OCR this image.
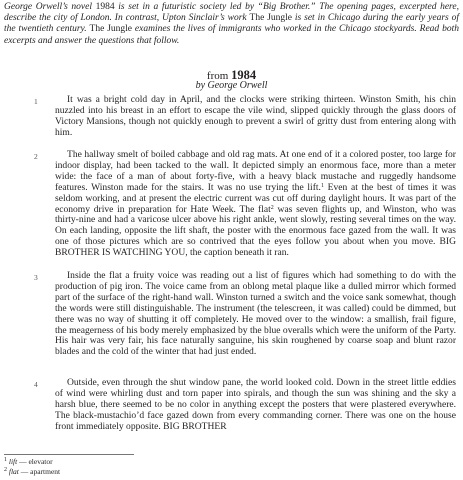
George Orwell’s novel 1984 is set in a futuristic society led by “Big Brother.” The opening pages, excerpted here, describe the city of London. In contrast, Upton Sinclair’s work The Jungle is set in Chicago during the early years of the twentieth century. The Jungle examines the lives of immigrants who worked in the Chicago stockyards. Read both excerpts and answer the questions that follow.
from 1984
by George Orwell
1	It was a bright cold day in April, and the clocks were striking thirteen. Winston Smith, his chin nuzzled into his breast in an effort to escape the vile wind, slipped quickly through the glass doors of Victory Mansions, though not quickly enough to prevent a swirl of gritty dust from entering along with him.
2	The hallway smelt of boiled cabbage and old rag mats. At one end of it a colored poster, too large for indoor display, had been tacked to the wall. It depicted simply an enormous face, more than a meter wide: the face of a man of about forty-five, with a heavy black mustache and ruggedly handsome features. Winston made for the stairs. It was no use trying the lift.$^1$ Even at the best of times it was seldom working, and at present the electric current was cut off during daylight hours. It was part of the economy drive in preparation for Hate Week. The flat$^2$ was seven flights up, and Winston, who was thirty-nine and had a varicose ulcer above his right ankle, went slowly, resting several times on the way. On each landing, opposite the lift shaft, the poster with the enormous face gazed from the wall. It was one of those pictures which are so contrived that the eyes follow you about when you move. BIG BROTHER IS WATCHING YOU, the caption beneath it ran.
3	Inside the flat a fruity voice was reading out a list of figures which had something to do with the production of pig iron. The voice came from an oblong metal plaque like a dulled mirror which formed part of the surface of the right-hand wall. Winston turned a switch and the voice sank somewhat, though the words were still distinguishable. The instrument (the telescreen, it was called) could be dimmed, but there was no way of shutting it off completely. He moved over to the window: a smallish, frail figure, the meagerness of his body merely emphasized by the blue overalls which were the uniform of the Party. His hair was very fair, his face naturally sanguine, his skin roughened by coarse soap and blunt razor blades and the cold of the winter that had just ended.
4	Outside, even through the shut window pane, the world looked cold. Down in the street little eddies of wind were whirling dust and torn paper into spirals, and though the sun was shining and the sky a harsh blue, there seemed to be no color in anything except the posters that were plastered everywhere. The black-mustachio’d face gazed down from every commanding corner. There was one on the house front immediately opposite. BIG BROTHER
$^1$ lift — elevator
$^2$ flat — apartment
